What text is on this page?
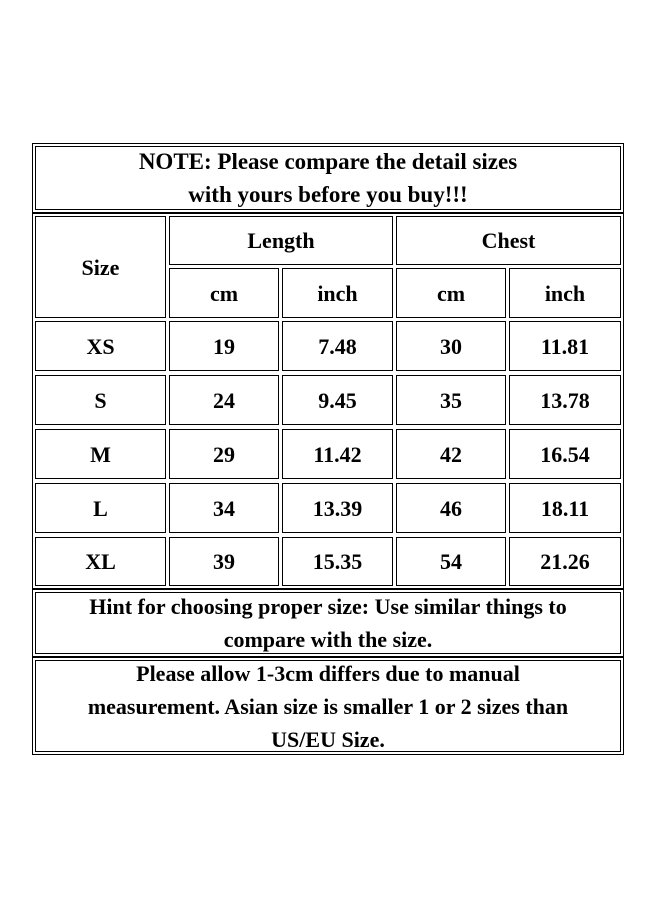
NOTE: Please compare the detail sizes
with yours before you buy!!!
Size
Length	Chest
cm	inch	cm	inch
XS	19	7.48	30	11.81
S	24	9.45	35	13.78
M	29	11.42	42	16.54
L	34	13.39	46	18.11
XL	39	15.35	54	21.26
Hint for choosing proper size: Use similar things to
compare with the size.
Please allow 1-3cm differs due to manual
measurement. Asian size is smaller 1 or 2 sizes than
US/EU Size.
